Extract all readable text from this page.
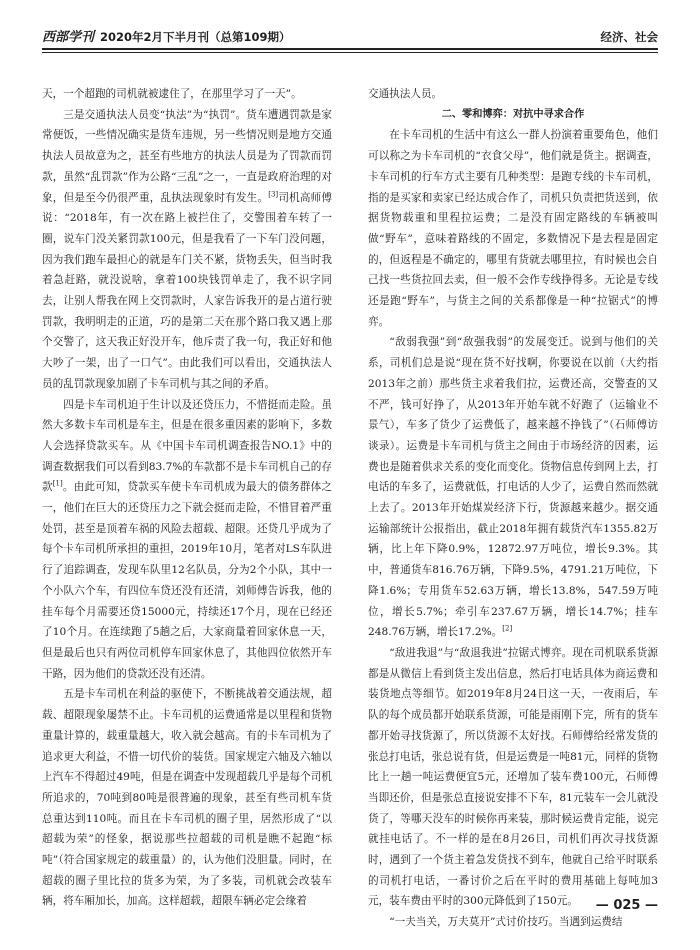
西部学刊 2020年2月下半月刊（总第109期）	经济、社会

天，一个超跑的司机就被逮住了，在那里学习了一天”。

三是交通执法人员变“执法”为“执罚”。货车遭遇罚款是家常便饭，一些情况确实是货车违规，另一些情况则是地方交通执法人员故意为之，甚至有些地方的执法人员是为了罚款而罚款，虽然“乱罚款”作为公路“三乱”之一，一直是政府治理的对象，但是至今仍很严重，乱执法现象时有发生。[3]司机高师傅说：“2018年，有一次在路上被拦住了，交警围着车转了一圈，说车门没关紧罚款100元，但是我看了一下车门没问题，因为我们跑车最担心的就是车门关不紧，货物丢失，但当时我着急赶路，就没说啥，拿着100块钱罚单走了，我不识字同去，让别人帮我在网上交罚款时，人家告诉我开的是占道行驶罚款，我明明走的正道，巧的是第二天在那个路口我又遇上那个交警了，这天我正好没开车，他斥责了我一句，我正好和他大吵了一架，出了一口气”。由此我们可以看出，交通执法人员的乱罚款现象加剧了卡车司机与其之间的矛盾。

四是卡车司机迫于生计以及还贷压力，不惜挺而走险。虽然大多数卡车司机是车主，但是在很多重因素的影响下，多数人会选择贷款买车。从《中国卡车司机调查报告NO.1》中的调查数据我们可以看到83.7%的车款都不是卡车司机自己的存款[1]。由此可知，贷款买车使卡车司机成为最大的债务群体之一，他们在巨大的还贷压力之下就会挺而走险，不惜冒着严重处罚，甚至是顶着车祸的风险去超载、超限。还贷几乎成为了每个卡车司机所承担的重担，2019年10月，笔者对LS车队进行了追踪调查，发现车队里12名队员，分为2个小队，其中一个小队六个车，有四位车贷还没有还清，刘师傅告诉我，他的挂车每个月需要还贷15000元，持续还17个月，现在已经还了10个月。在连续跑了5趟之后，大家商量着回家休息一天，但是最后也只有两位司机停车回家休息了，其他四位依然开车干路，因为他们的贷款还没有还清。

五是卡车司机在利益的驱使下，不断挑战着交通法规，超载、超限现象屡禁不止。卡车司机的运费通常是以里程和货物重量计算的，载重量越大，收入就会越高。有的卡车司机为了追求更大利益，不惜一切代价的装货。国家规定六轴及六轴以上汽车不得超过49吨，但是在调查中发现超载几乎是每个司机所追求的，70吨到80吨是很普遍的现象，甚至有些司机车货总重达到110吨。而且在卡车司机的圈子里，居然形成了“以超载为荣”的怪象，据说那些拉超载的司机是瞧不起跑“标吨”（符合国家规定的载重量）的，认为他们没胆量。同时，在超载的圈子里比拉的货多为荣，为了多装，司机就会改装车辆，将车厢加长，加高。这样超载，超限车辆必定会缘着

交通执法人员。

二、零和博弈：对抗中寻求合作

在卡车司机的生活中有这么一群人扮演着重要角色，他们可以称之为卡车司机的“衣食父母”，他们就是货主。据调查，卡车司机的行车方式主要有几种类型：是跑专线的卡车司机，指的是买家和卖家已经达成合作了，司机只负责把货送到，依据货物载重和里程拉运费；二是没有固定路线的车辆被叫做“野车”，意味着路线的不固定，多数情况下是去程是固定的，但返程是不确定的，哪里有货就去哪里拉，有时候也会自己找一些货拉回去卖，但一般不会作专线挣得多。无论是专线还是跑“野车”，与货主之间的关系都像是一种“拉锯式”的博弈。

“敌弱我强”到“敌强我弱”的发展变迁。说到与他们的关系，司机们总是说“现在货不好找啊，你要说在以前（大约指2013年之前）那些货主求着我们拉，运费还高，交警查的又不严，钱可好挣了，从2013年开始车就不好跑了（运输业不景气），车多了货少了运费低了，越来越不挣钱了”（石师傅访谈录）。运费是卡车司机与货主之间由于市场经济的因素，运费也是随着供求关系的变化而变化。货物信息传到网上去，打电话的车多了，运费就低，打电话的人少了，运费自然而然就上去了。2013年开始煤炭经济下行，货源越来越少。据交通运输部统计公报指出，截止2018年拥有载货汽车1355.82万辆，比上年下降0.9%，12872.97万吨位，增长9.3%。其中，普通货车816.76万辆，下降9.5%，4791.21万吨位，下降1.6%；专用货车52.63万辆，增长13.8%，547.59万吨位，增长5.7%；牵引车237.67万辆，增长14.7%；挂车248.76万辆，增长17.2%。[2]

“敌进我退”与“敌退我进”拉锯式博弈。现在司机联系货源都是从微信上看到货主发出信息，然后打电话具体为商运费和装货地点等细节。如2019年8月24日这一天，一夜雨后，车队的每个成员都开始联系货源，可能是雨刚下完，所有的货车都开始寻找货源了，所以货源不太好找。石师傅给经常发货的张总打电话，张总说有货，但是运费是一吨81元，同样的货物比上一趟一吨运费便宜5元，还增加了装车费100元，石师傅当即还价，但是张总直接说安排不下车，81元装车一会儿就没货了，等哪天没车的时候你再来装，那时候运费肯定能，说完就挂电话了。不一样的是在8月26日，司机们再次寻找货源时，遇到了一个货主着急发货找不到车，他就自己给平时联系的司机打电话，一番讨价之后在平时的费用基础上每吨加3元，装车费由平时的300元降低到了150元。

“一夫当关，万夫莫开”式讨价技巧。当遇到运费结

— 025 —
